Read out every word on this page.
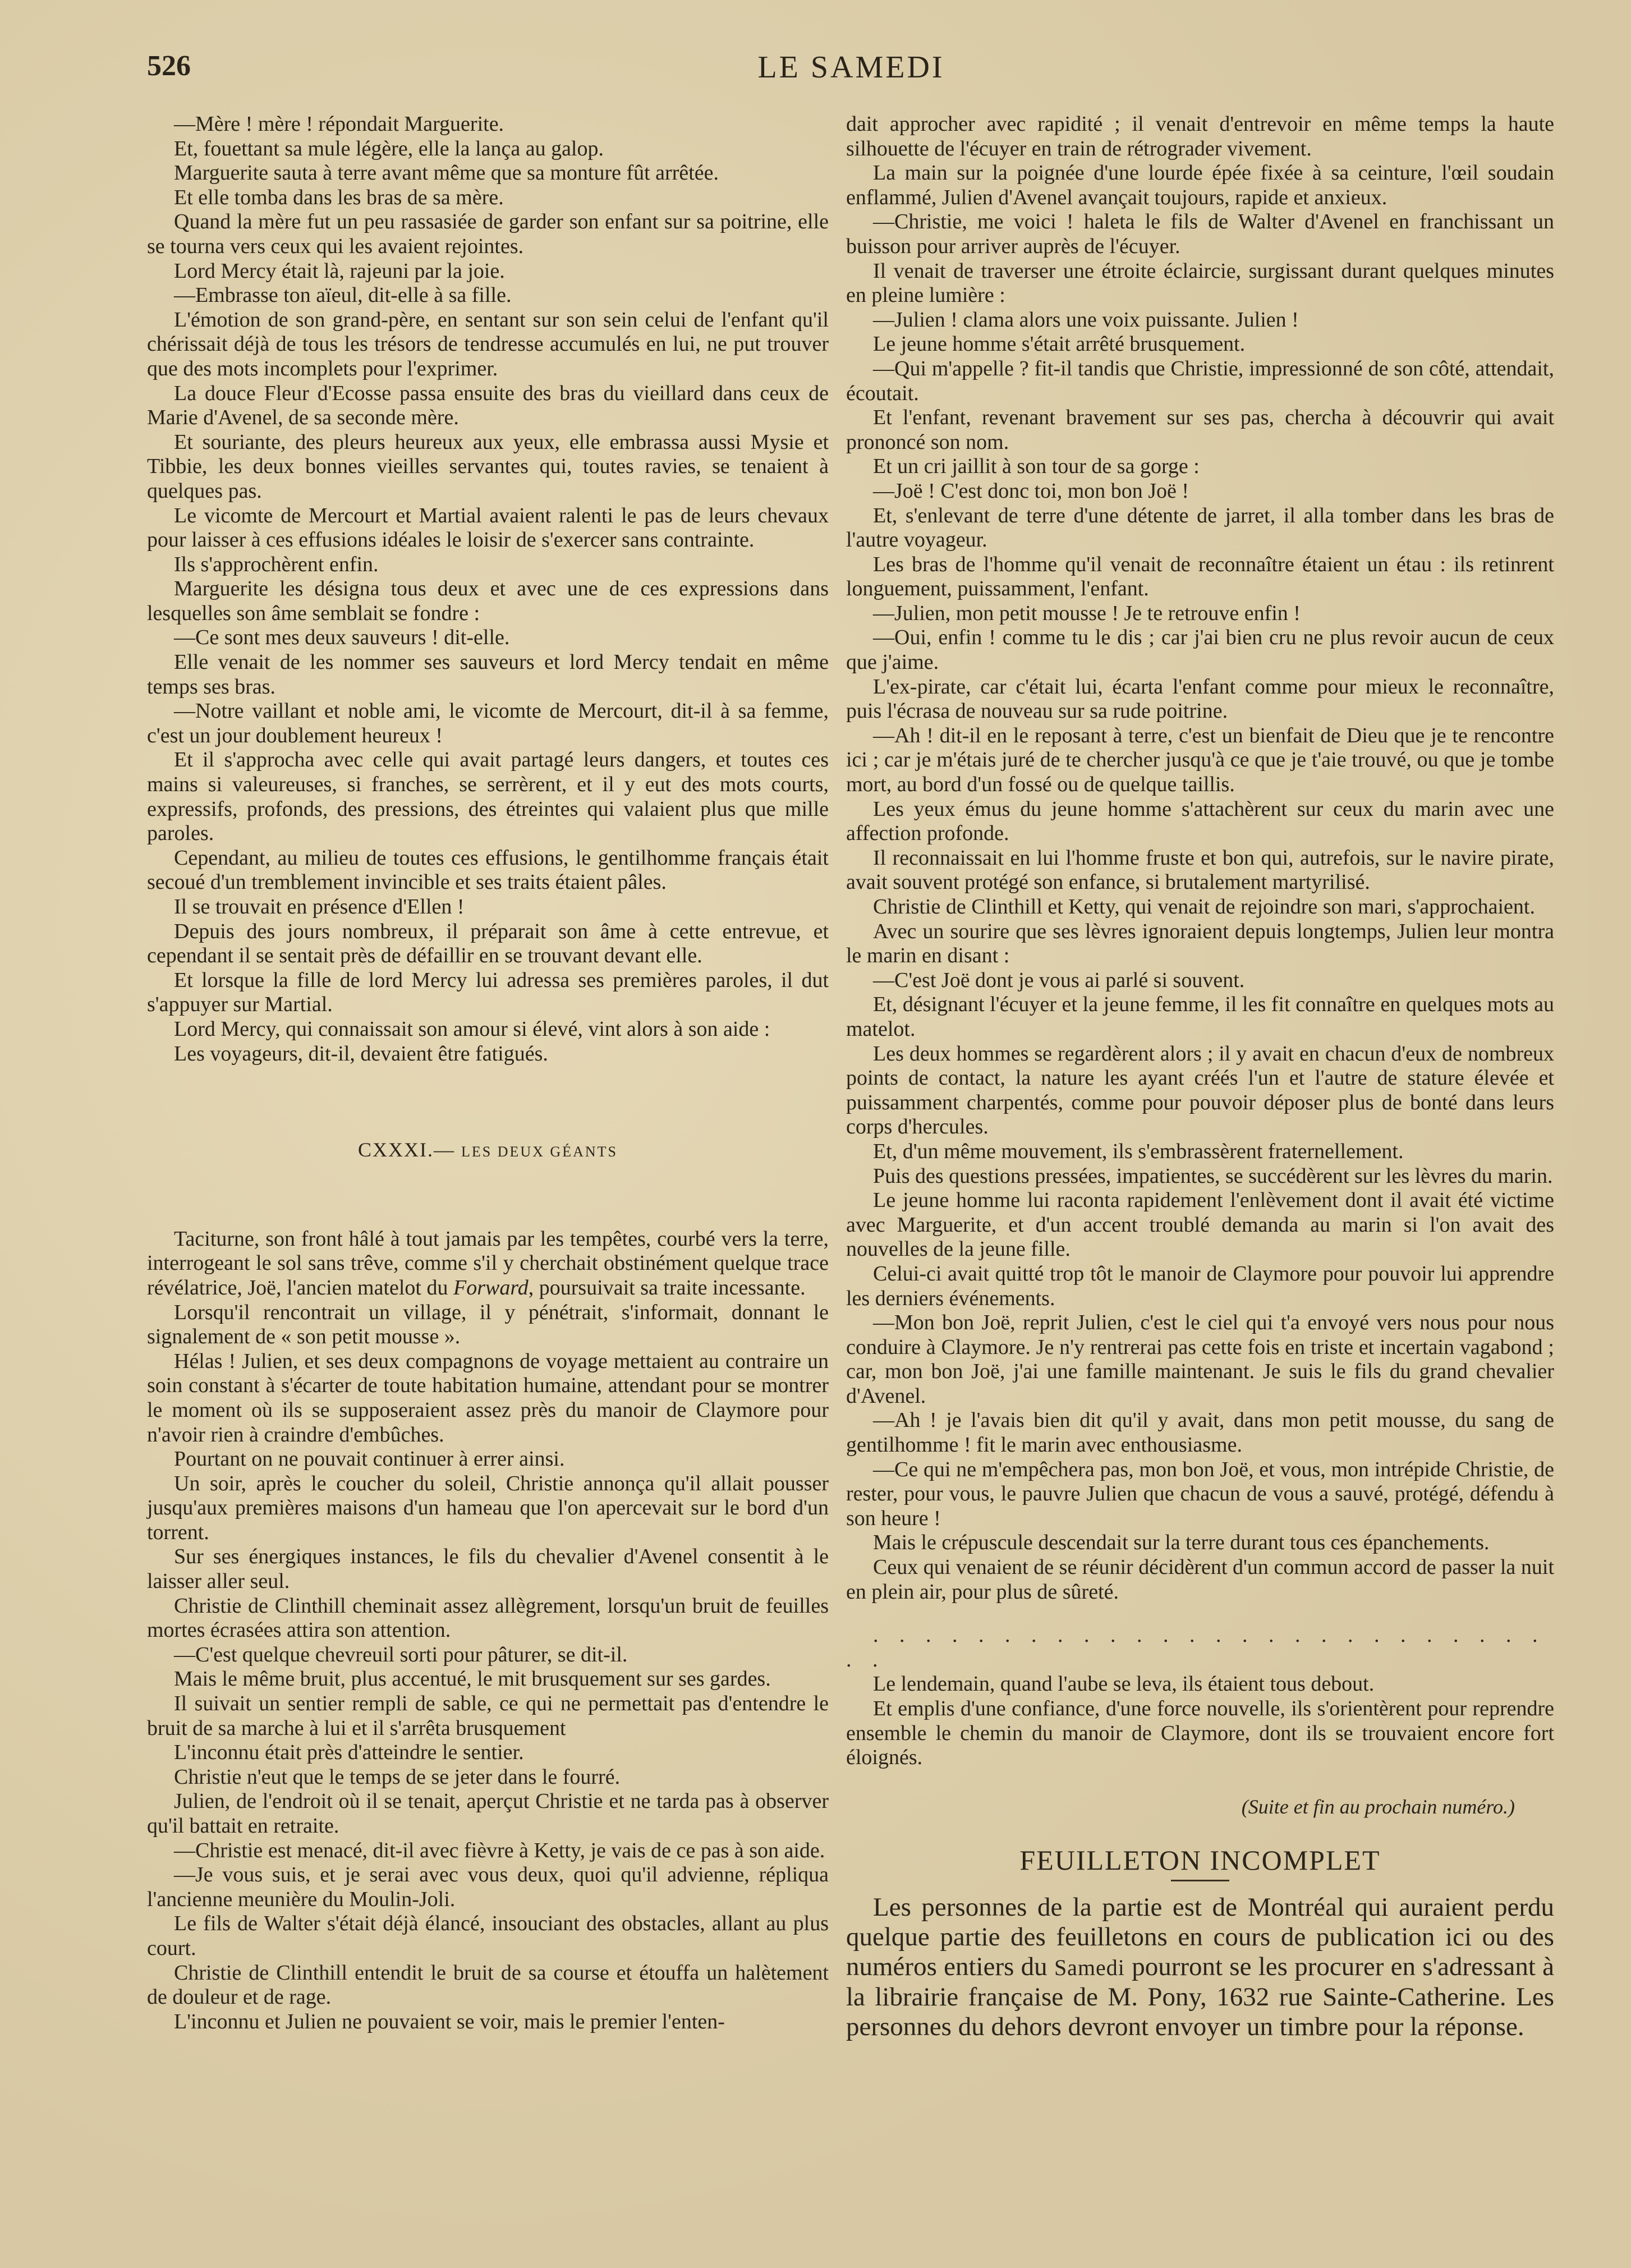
526	LE SAMEDI

—Mère ! mère ! répondait Marguerite.

Et, fouettant sa mule légère, elle la lança au galop.

Marguerite sauta à terre avant même que sa monture fût arrêtée.

Et elle tomba dans les bras de sa mère.

Quand la mère fut un peu rassasiée de garder son enfant sur sa poitrine, elle se tourna vers ceux qui les avaient rejointes.

Lord Mercy était là, rajeuni par la joie.

—Embrasse ton aïeul, dit-elle à sa fille.

L'émotion de son grand-père, en sentant sur son sein celui de l'enfant qu'il chérissait déjà de tous les trésors de tendresse accumulés en lui, ne put trouver que des mots incomplets pour l'exprimer.

La douce Fleur d'Ecosse passa ensuite des bras du vieillard dans ceux de Marie d'Avenel, de sa seconde mère.

Et souriante, des pleurs heureux aux yeux, elle embrassa aussi Mysie et Tibbie, les deux bonnes vieilles servantes qui, toutes ravies, se tenaient à quelques pas.

Le vicomte de Mercourt et Martial avaient ralenti le pas de leurs chevaux pour laisser à ces effusions idéales le loisir de s'exercer sans contrainte.

Ils s'approchèrent enfin.

Marguerite les désigna tous deux et avec une de ces expressions dans lesquelles son âme semblait se fondre :

—Ce sont mes deux sauveurs ! dit-elle.

Elle venait de les nommer ses sauveurs et lord Mercy tendait en même temps ses bras.

—Notre vaillant et noble ami, le vicomte de Mercourt, dit-il à sa femme, c'est un jour doublement heureux !

Et il s'approcha avec celle qui avait partagé leurs dangers, et toutes ces mains si valeureuses, si franches, se serrèrent, et il y eut des mots courts, expressifs, profonds, des pressions, des étreintes qui valaient plus que mille paroles.

Cependant, au milieu de toutes ces effusions, le gentilhomme français était secoué d'un tremblement invincible et ses traits étaient pâles.

Il se trouvait en présence d'Ellen !

Depuis des jours nombreux, il préparait son âme à cette entrevue, et cependant il se sentait près de défaillir en se trouvant devant elle.

Et lorsque la fille de lord Mercy lui adressa ses premières paroles, il dut s'appuyer sur Martial.

Lord Mercy, qui connaissait son amour si élevé, vint alors à son aide :

Les voyageurs, dit-il, devaient être fatigués.

CXXXI.— LES DEUX GÉANTS

Taciturne, son front hâlé à tout jamais par les tempêtes, courbé vers la terre, interrogeant le sol sans trêve, comme s'il y cherchait obstinément quelque trace révélatrice, Joë, l'ancien matelot du Forward, poursuivait sa traite incessante.

Lorsqu'il rencontrait un village, il y pénétrait, s'informait, donnant le signalement de « son petit mousse ».

Hélas ! Julien, et ses deux compagnons de voyage mettaient au contraire un soin constant à s'écarter de toute habitation humaine, attendant pour se montrer le moment où ils se supposeraient assez près du manoir de Claymore pour n'avoir rien à craindre d'embûches.

Pourtant on ne pouvait continuer à errer ainsi.

Un soir, après le coucher du soleil, Christie annonça qu'il allait pousser jusqu'aux premières maisons d'un hameau que l'on apercevait sur le bord d'un torrent.

Sur ses énergiques instances, le fils du chevalier d'Avenel consentit à le laisser aller seul.

Christie de Clinthill cheminait assez allègrement, lorsqu'un bruit de feuilles mortes écrasées attira son attention.

—C'est quelque chevreuil sorti pour pâturer, se dit-il.

Mais le même bruit, plus accentué, le mit brusquement sur ses gardes.

Il suivait un sentier rempli de sable, ce qui ne permettait pas d'entendre le bruit de sa marche à lui et il s'arrêta brusquement

L'inconnu était près d'atteindre le sentier.

Christie n'eut que le temps de se jeter dans le fourré.

Julien, de l'endroit où il se tenait, aperçut Christie et ne tarda pas à observer qu'il battait en retraite.

—Christie est menacé, dit-il avec fièvre à Ketty, je vais de ce pas à son aide.

—Je vous suis, et je serai avec vous deux, quoi qu'il advienne, répliqua l'ancienne meunière du Moulin-Joli.

Le fils de Walter s'était déjà élancé, insouciant des obstacles, allant au plus court.

Christie de Clinthill entendit le bruit de sa course et étouffa un halètement de douleur et de rage.

L'inconnu et Julien ne pouvaient se voir, mais le premier l'enten-

dait approcher avec rapidité ; il venait d'entrevoir en même temps la haute silhouette de l'écuyer en train de rétrograder vivement.

La main sur la poignée d'une lourde épée fixée à sa ceinture, l'œil soudain enflammé, Julien d'Avenel avançait toujours, rapide et anxieux.

—Christie, me voici ! haleta le fils de Walter d'Avenel en franchissant un buisson pour arriver auprès de l'écuyer.

Il venait de traverser une étroite éclaircie, surgissant durant quelques minutes en pleine lumière :

—Julien ! clama alors une voix puissante. Julien !

Le jeune homme s'était arrêté brusquement.

—Qui m'appelle ? fit-il tandis que Christie, impressionné de son côté, attendait, écoutait.

Et l'enfant, revenant bravement sur ses pas, chercha à découvrir qui avait prononcé son nom.

Et un cri jaillit à son tour de sa gorge :

—Joë ! C'est donc toi, mon bon Joë !

Et, s'enlevant de terre d'une détente de jarret, il alla tomber dans les bras de l'autre voyageur.

Les bras de l'homme qu'il venait de reconnaître étaient un étau : ils retinrent longuement, puissamment, l'enfant.

—Julien, mon petit mousse ! Je te retrouve enfin !

—Oui, enfin ! comme tu le dis ; car j'ai bien cru ne plus revoir aucun de ceux que j'aime.

L'ex-pirate, car c'était lui, écarta l'enfant comme pour mieux le reconnaître, puis l'écrasa de nouveau sur sa rude poitrine.

—Ah ! dit-il en le reposant à terre, c'est un bienfait de Dieu que je te rencontre ici ; car je m'étais juré de te chercher jusqu'à ce que je t'aie trouvé, ou que je tombe mort, au bord d'un fossé ou de quelque taillis.

Les yeux émus du jeune homme s'attachèrent sur ceux du marin avec une affection profonde.

Il reconnaissait en lui l'homme fruste et bon qui, autrefois, sur le navire pirate, avait souvent protégé son enfance, si brutalement martyrilisé.

Christie de Clinthill et Ketty, qui venait de rejoindre son mari, s'approchaient.

Avec un sourire que ses lèvres ignoraient depuis longtemps, Julien leur montra le marin en disant :

—C'est Joë dont je vous ai parlé si souvent.

Et, désignant l'écuyer et la jeune femme, il les fit connaître en quelques mots au matelot.

Les deux hommes se regardèrent alors ; il y avait en chacun d'eux de nombreux points de contact, la nature les ayant créés l'un et l'autre de stature élevée et puissamment charpentés, comme pour pouvoir déposer plus de bonté dans leurs corps d'hercules.

Et, d'un même mouvement, ils s'embrassèrent fraternellement.

Puis des questions pressées, impatientes, se succédèrent sur les lèvres du marin.

Le jeune homme lui raconta rapidement l'enlèvement dont il avait été victime avec Marguerite, et d'un accent troublé demanda au marin si l'on avait des nouvelles de la jeune fille.

Celui-ci avait quitté trop tôt le manoir de Claymore pour pouvoir lui apprendre les derniers événements.

—Mon bon Joë, reprit Julien, c'est le ciel qui t'a envoyé vers nous pour nous conduire à Claymore. Je n'y rentrerai pas cette fois en triste et incertain vagabond ; car, mon bon Joë, j'ai une famille maintenant. Je suis le fils du grand chevalier d'Avenel.

—Ah ! je l'avais bien dit qu'il y avait, dans mon petit mousse, du sang de gentilhomme ! fit le marin avec enthousiasme.

—Ce qui ne m'empêchera pas, mon bon Joë, et vous, mon intrépide Christie, de rester, pour vous, le pauvre Julien que chacun de vous a sauvé, protégé, défendu à son heure !

Mais le crépuscule descendait sur la terre durant tous ces épanchements.

Ceux qui venaient de se réunir décidèrent d'un commun accord de passer la nuit en plein air, pour plus de sûreté.

. . . . . . . . . . . . . . . . . . . . . . . . . . . .

Le lendemain, quand l'aube se leva, ils étaient tous debout.

Et emplis d'une confiance, d'une force nouvelle, ils s'orientèrent pour reprendre ensemble le chemin du manoir de Claymore, dont ils se trouvaient encore fort éloignés.

(Suite et fin au prochain numéro.)
FEUILLETON INCOMPLET

Les personnes de la partie est de Montréal qui auraient perdu quelque partie des feuilletons en cours de publication ici ou des numéros entiers du Samedi pourront se les procurer en s'adressant à la librairie française de M. Pony, 1632 rue Sainte-Catherine. Les personnes du dehors devront envoyer un timbre pour la réponse.
